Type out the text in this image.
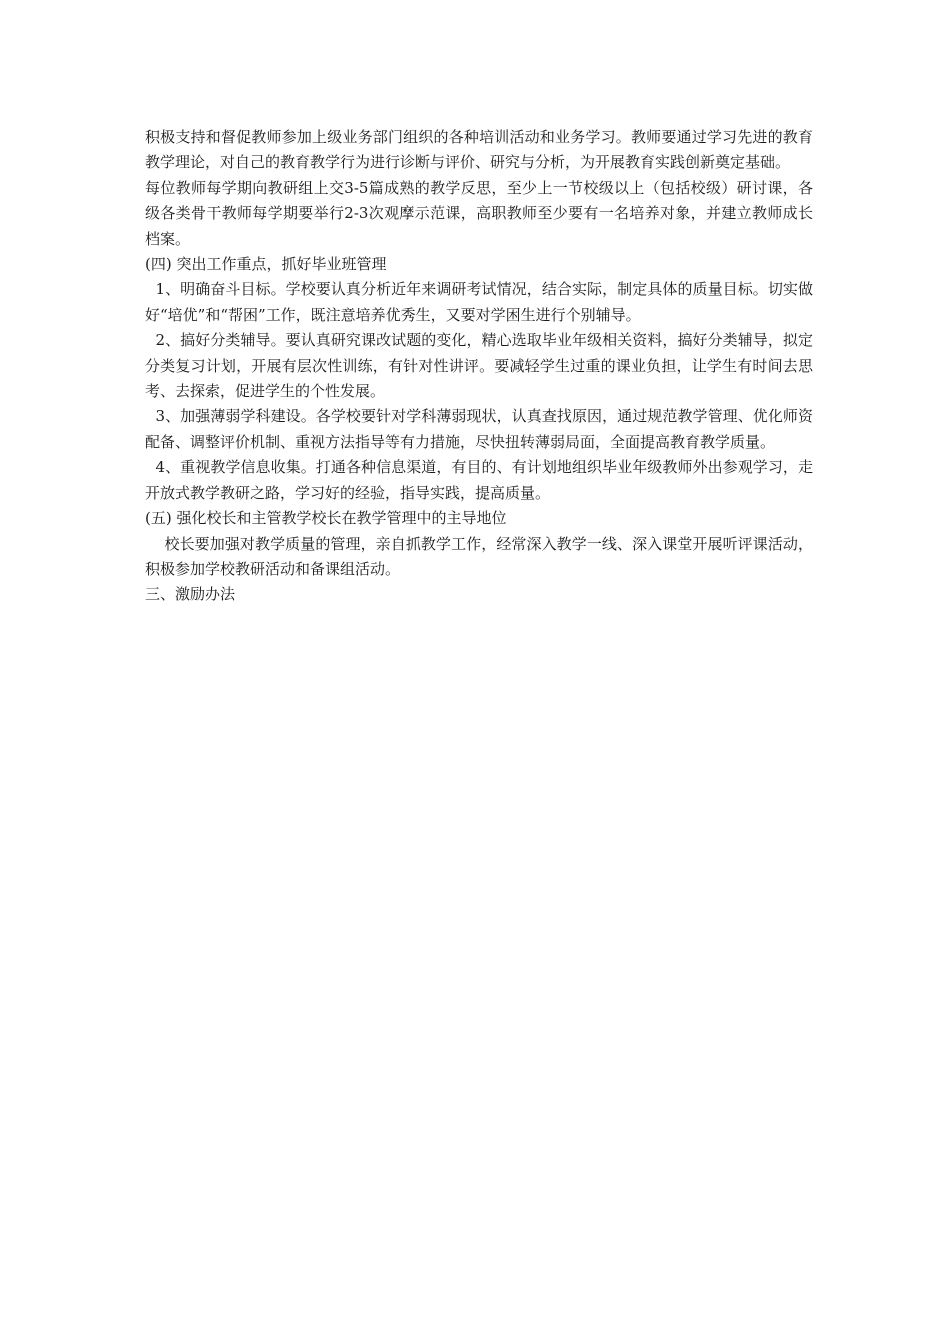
积极支持和督促教师参加上级业务部门组织的各种培训活动和业务学习。教师要通过学习先进的教育教学理论，对自己的教育教学行为进行诊断与评价、研究与分析，为开展教育实践创新奠定基础。

每位教师每学期向教研组上交3-5篇成熟的教学反思，至少上一节校级以上（包括校级）研讨课，各级各类骨干教师每学期要举行2-3次观摩示范课，高职教师至少要有一名培养对象，并建立教师成长档案。

(四) 突出工作重点，抓好毕业班管理

1、明确奋斗目标。学校要认真分析近年来调研考试情况，结合实际，制定具体的质量目标。切实做好“培优”和“帮困”工作，既注意培养优秀生，又要对学困生进行个别辅导。

2、搞好分类辅导。要认真研究课改试题的变化，精心选取毕业年级相关资料，搞好分类辅导，拟定分类复习计划，开展有层次性训练，有针对性讲评。要减轻学生过重的课业负担，让学生有时间去思考、去探索，促进学生的个性发展。

3、加强薄弱学科建设。各学校要针对学科薄弱现状，认真查找原因，通过规范教学管理、优化师资配备、调整评价机制、重视方法指导等有力措施，尽快扭转薄弱局面，全面提高教育教学质量。

4、重视教学信息收集。打通各种信息渠道，有目的、有计划地组织毕业年级教师外出参观学习，走开放式教学教研之路，学习好的经验，指导实践，提高质量。

(五) 强化校长和主管教学校长在教学管理中的主导地位

校长要加强对教学质量的管理，亲自抓教学工作，经常深入教学一线、深入课堂开展听评课活动，积极参加学校教研活动和备课组活动。

三、激励办法
